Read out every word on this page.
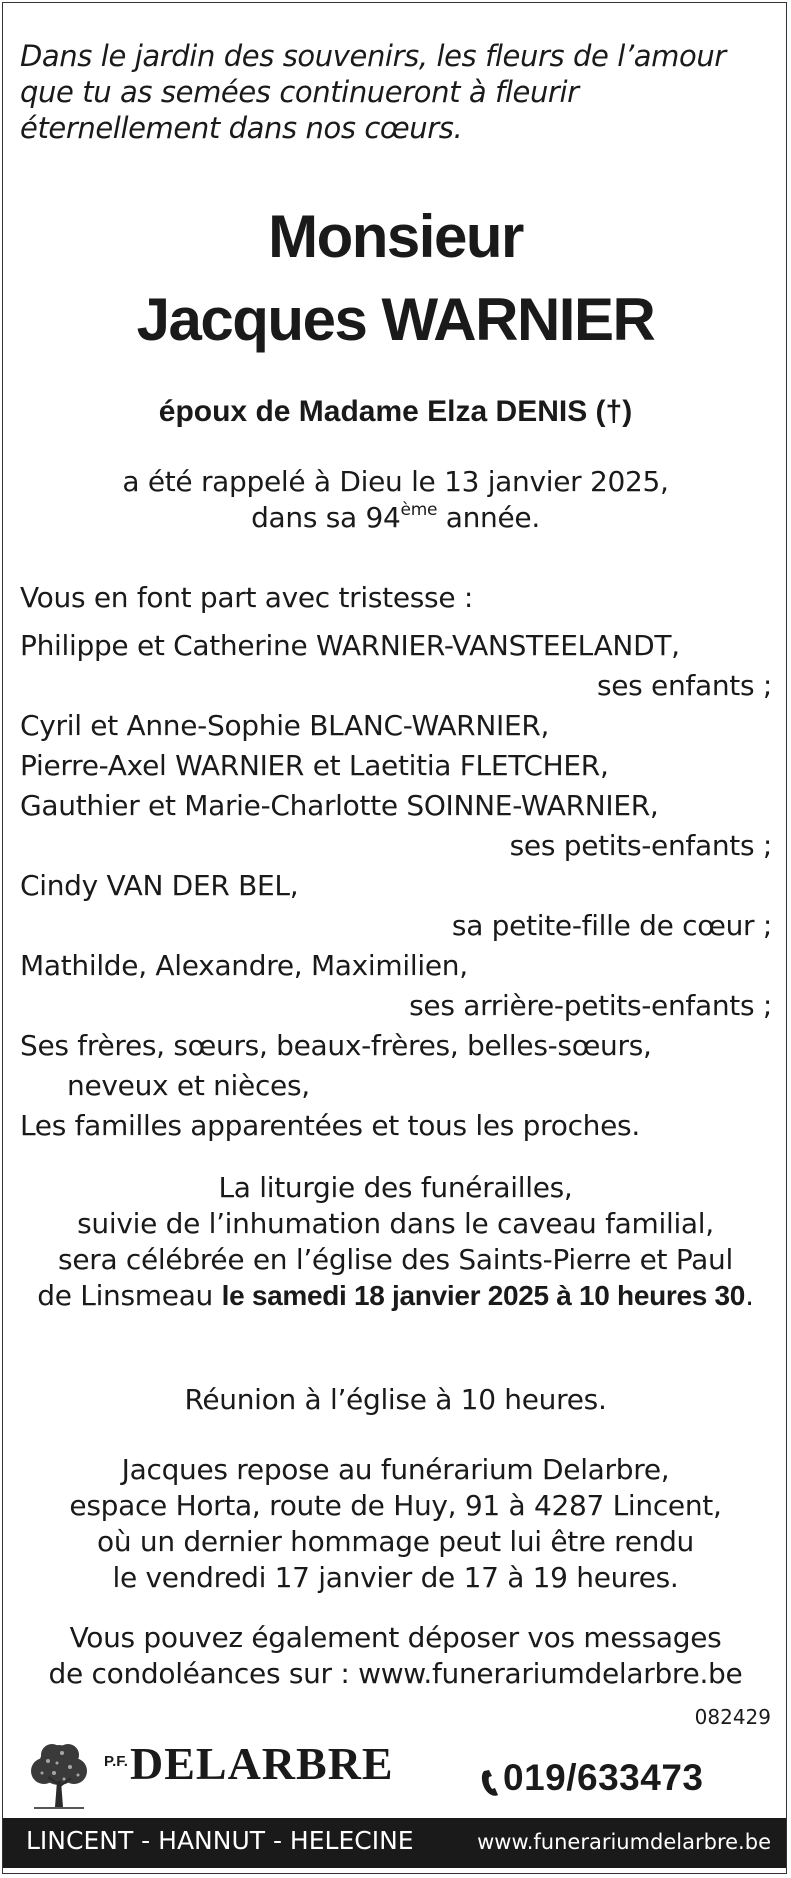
Dans le jardin des souvenirs, les fleurs de l’amour
que tu as semées continueront à fleurir
éternellement dans nos cœurs.
Monsieur
Jacques WARNIER
époux de Madame Elza DENIS (†)
a été rappelé à Dieu le 13 janvier 2025,
dans sa 94ème année.
Vous en font part avec tristesse :
Philippe et Catherine WARNIER-VANSTEELANDT,
ses enfants ;
Cyril et Anne-Sophie BLANC-WARNIER,
Pierre-Axel WARNIER et Laetitia FLETCHER,
Gauthier et Marie-Charlotte SOINNE-WARNIER,
ses petits-enfants ;
Cindy VAN DER BEL,
sa petite-fille de cœur ;
Mathilde, Alexandre, Maximilien,
ses arrière-petits-enfants ;
Ses frères, sœurs, beaux-frères, belles-sœurs,
neveux et nièces,
Les familles apparentées et tous les proches.
La liturgie des funérailles,
suivie de l’inhumation dans le caveau familial,
sera célébrée en l’église des Saints-Pierre et Paul
de Linsmeau le samedi 18 janvier 2025 à 10 heures 30.
Réunion à l’église à 10 heures.
Jacques repose au funérarium Delarbre,
espace Horta, route de Huy, 91 à 4287 Lincent,
où un dernier hommage peut lui être rendu
le vendredi 17 janvier de 17 à 19 heures.
Vous pouvez également déposer vos messages
de condoléances sur : www.funerariumdelarbre.be
082429
P.F. DELARBRE	019/633473
LINCENT - HANNUT - HELECINE	www.funerariumdelarbre.be
